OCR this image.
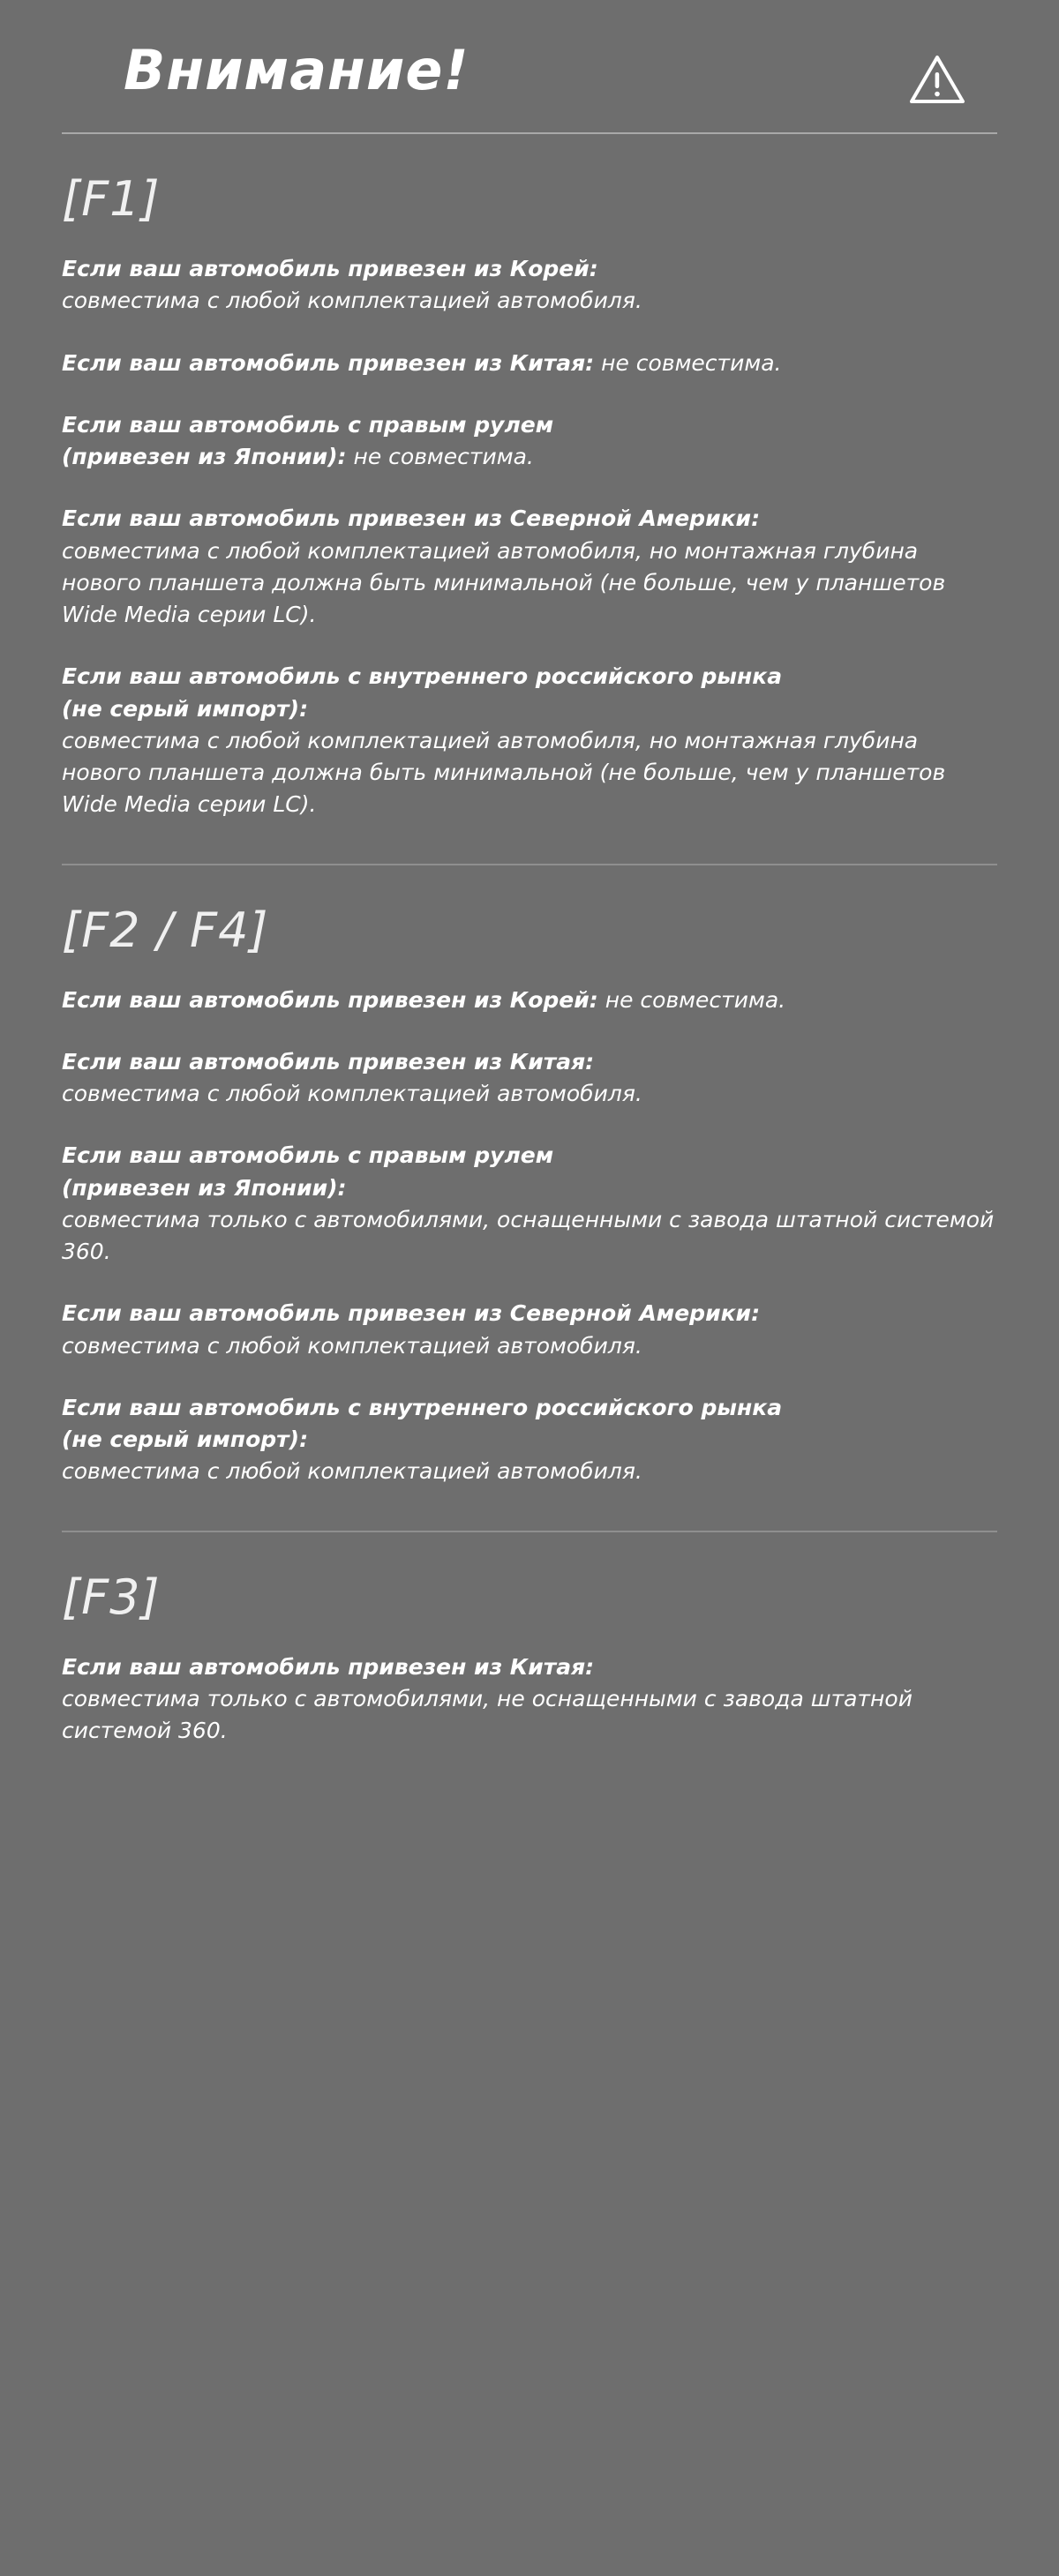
Внимание!
[F1]

Если ваш автомобиль привезен из Корей:

совместима с любой комплектацией автомобиля.

Если ваш автомобиль привезен из Китая: не совместима.

Если ваш автомобиль с правым рулем

(привезен из Японии): не совместима.

Если ваш автомобиль привезен из Северной Америки:

совместима с любой комплектацией автомобиля, но монтажная глубина нового планшета должна быть минимальной (не больше, чем у планшетов Wide Media серии LC).

Если ваш автомобиль с внутреннего российского рынка

(не серый импорт):

совместима с любой комплектацией автомобиля, но монтажная глубина нового планшета должна быть минимальной (не больше, чем у планшетов Wide Media серии LC).

[F2 / F4]

Если ваш автомобиль привезен из Корей: не совместима.

Если ваш автомобиль привезен из Китая:

совместима с любой комплектацией автомобиля.

Если ваш автомобиль с правым рулем

(привезен из Японии):

совместима только с автомобилями, оснащенными с завода штатной системой 360.

Если ваш автомобиль привезен из Северной Америки:

совместима с любой комплектацией автомобиля.

Если ваш автомобиль с внутреннего российского рынка

(не серый импорт):

совместима с любой комплектацией автомобиля.

[F3]

Если ваш автомобиль привезен из Китая:

совместима только с автомобилями, не оснащенными с завода штатной системой 360.
